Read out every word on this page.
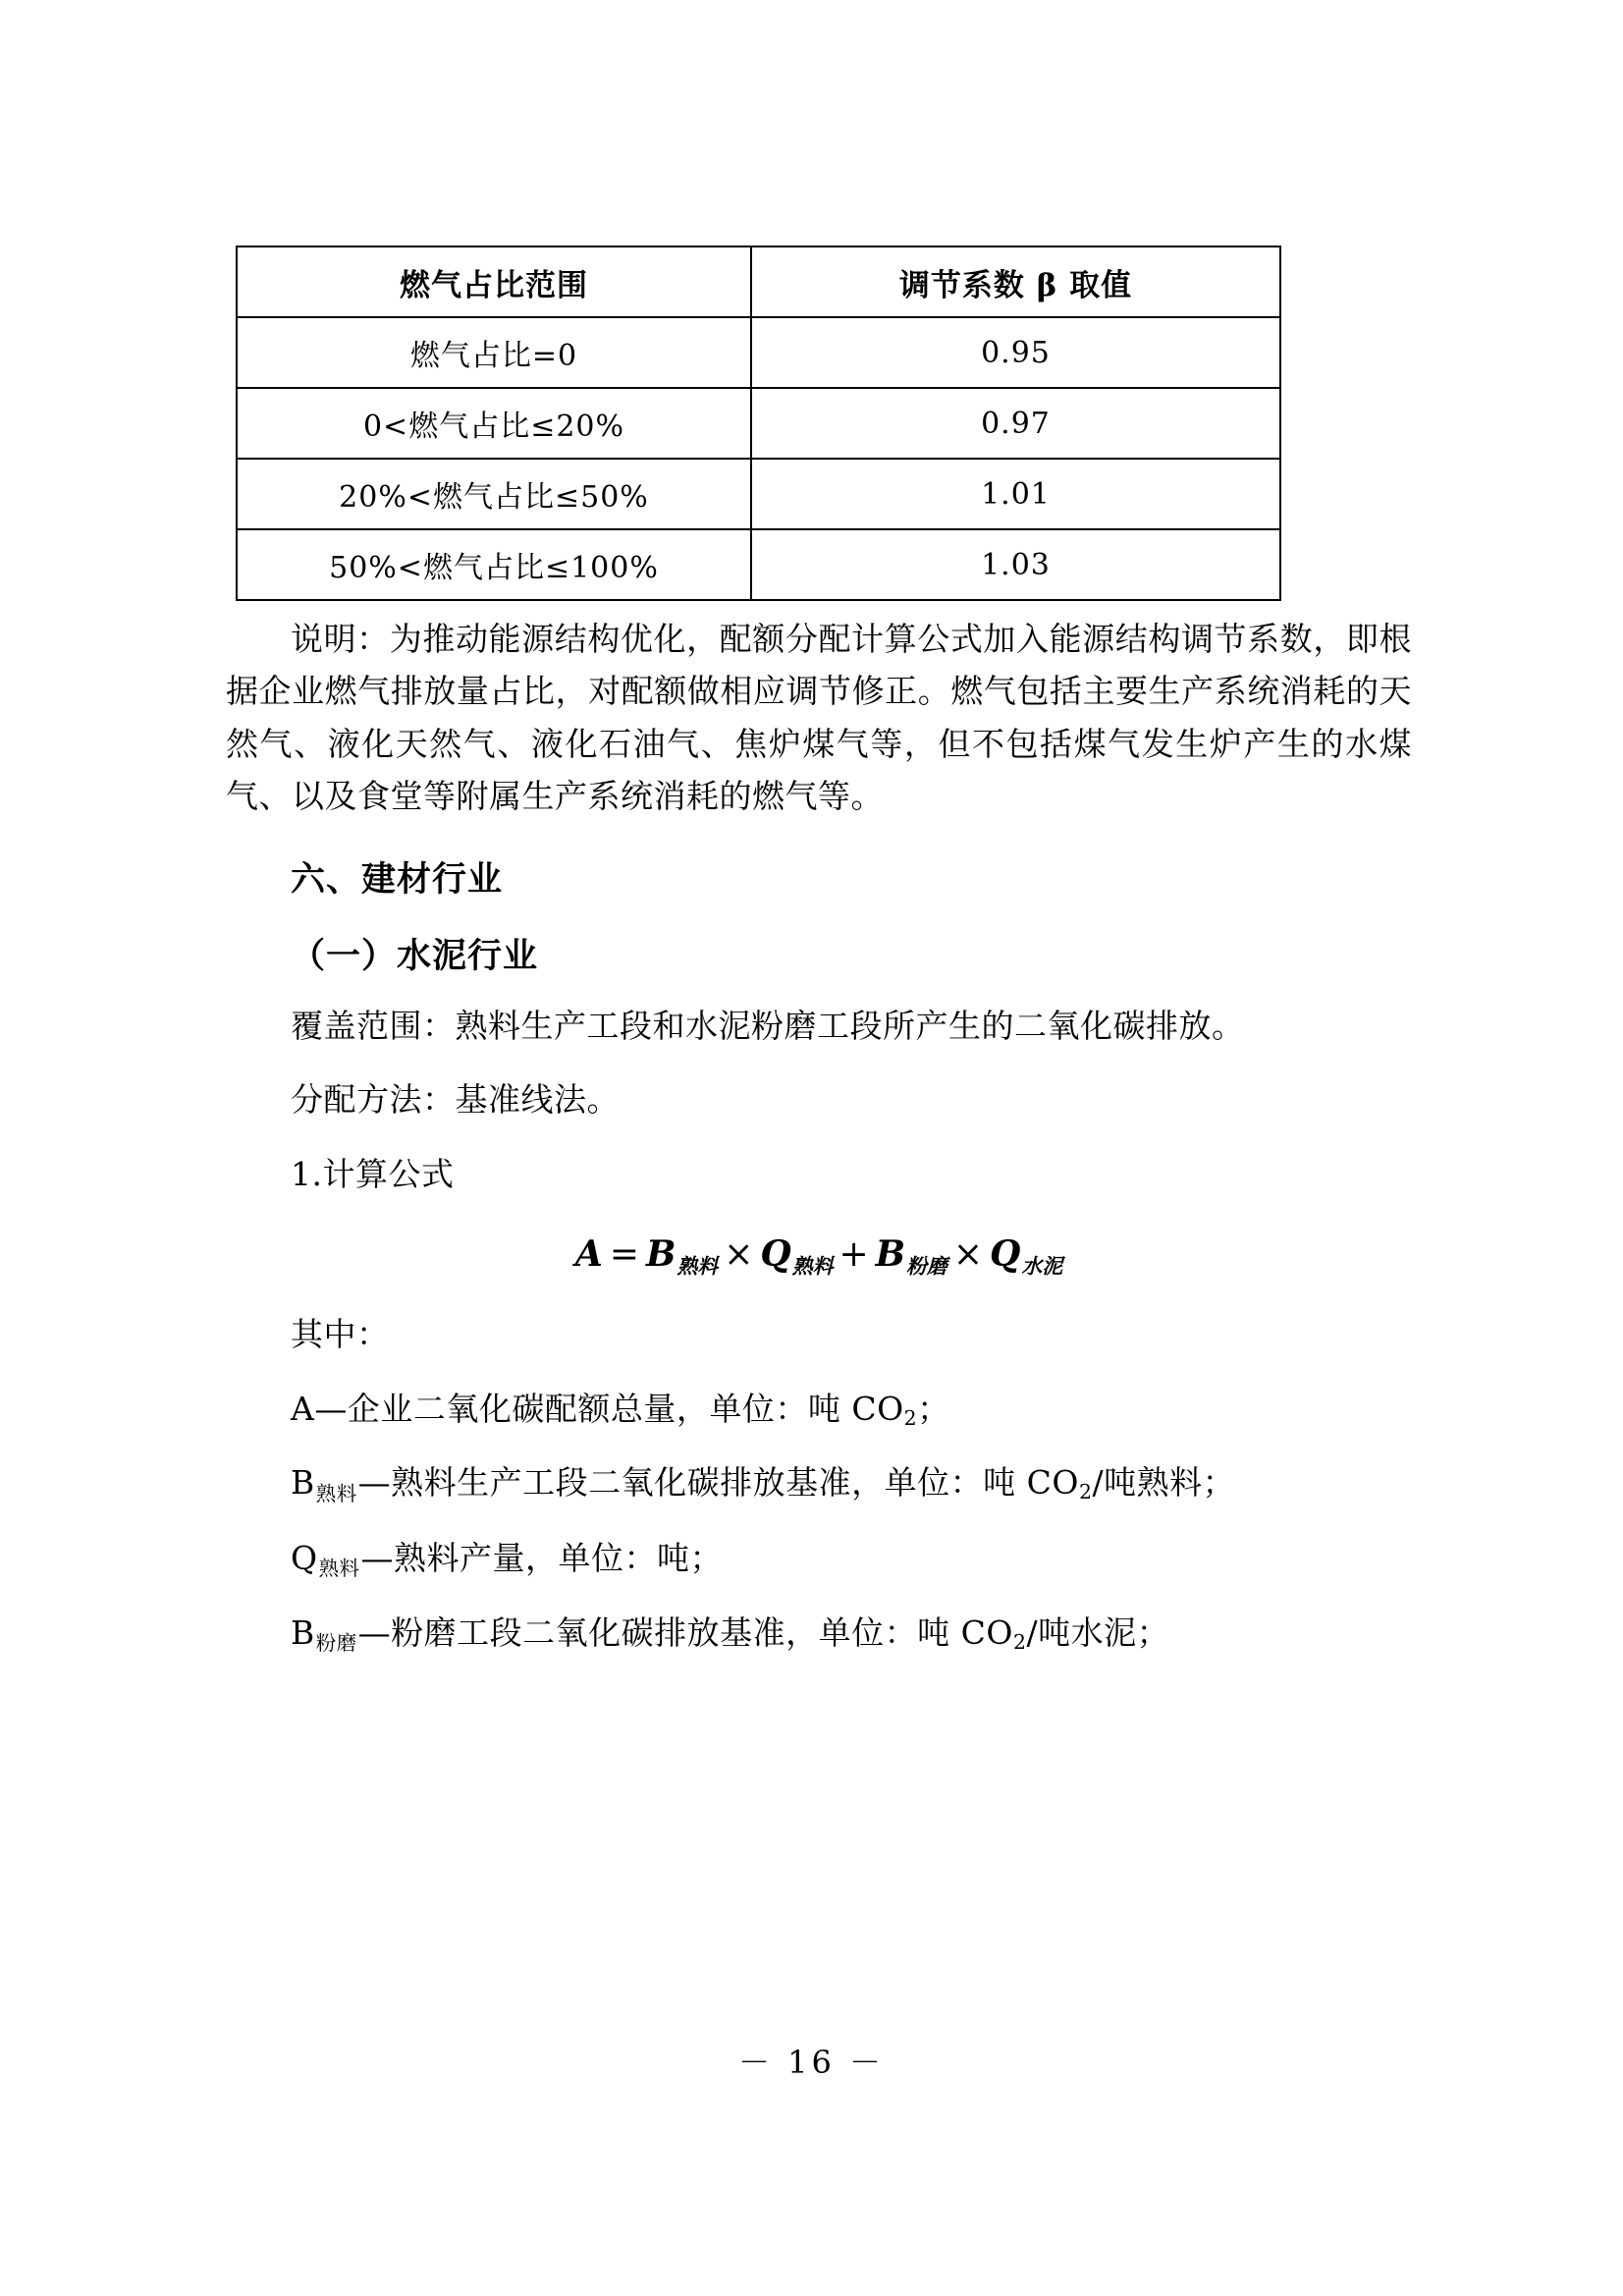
燃气占比范围	调节系数 β 取值
燃气占比=0	0.95
0<燃气占比≤20%	0.97
20%<燃气占比≤50%	1.01
50%<燃气占比≤100%	1.03

说明：为推动能源结构优化，配额分配计算公式加入能源结构调节系数，即根据企业燃气排放量占比，对配额做相应调节修正。燃气包括主要生产系统消耗的天然气、液化天然气、液化石油气、焦炉煤气等，但不包括煤气发生炉产生的水煤气、以及食堂等附属生产系统消耗的燃气等。

六、建材行业
（一）水泥行业

覆盖范围：熟料生产工段和水泥粉磨工段所产生的二氧化碳排放。

分配方法：基准线法。

1.计算公式

$A = B_{熟料} \times Q_{熟料} + B_{粉磨} \times Q_{水泥}$

其中：

A—企业二氧化碳配额总量，单位：吨 $CO_2$；

$B_{熟料}—$熟料生产工段二氧化碳排放基准，单位：吨 $CO_2/$吨熟料；

$Q_{熟料}—$熟料产量，单位：吨；

$B_{粉磨}—$粉磨工段二氧化碳排放基准，单位：吨 $CO_2/$吨水泥；

－ 16 －
